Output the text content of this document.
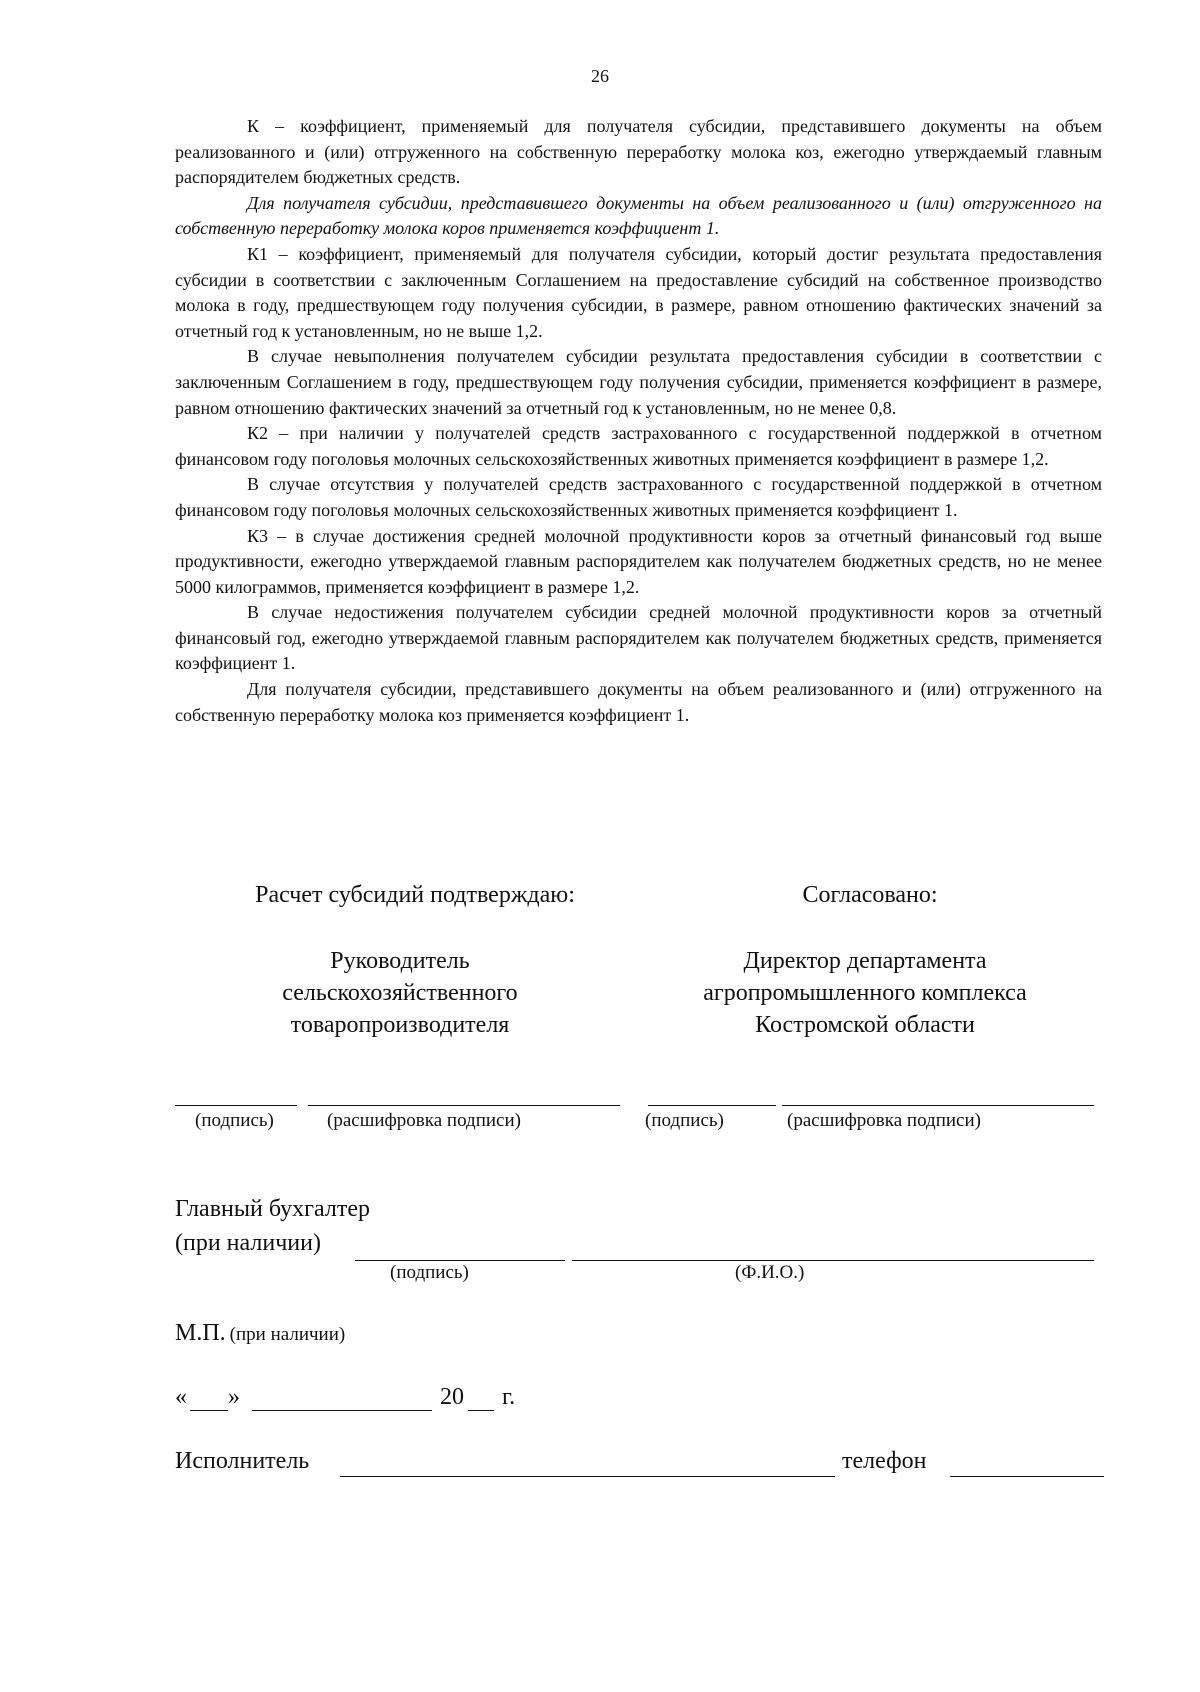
26

К – коэффициент, применяемый для получателя субсидии, представившего документы на объем реализованного и (или) отгруженного на собственную переработку молока коз, ежегодно утверждаемый главным распорядителем бюджетных средств.

Для получателя субсидии, представившего документы на объем реализованного и (или) отгруженного на собственную переработку молока коров применяется коэффициент 1.

К1 – коэффициент, применяемый для получателя субсидии, который достиг результата предоставления субсидии в соответствии с заключенным Соглашением на предоставление субсидий на собственное производство молока в году, предшествующем году получения субсидии, в размере, равном отношению фактических значений за отчетный год к установленным, но не выше 1,2.

В случае невыполнения получателем субсидии результата предоставления субсидии в соответствии с заключенным Соглашением в году, предшествующем году получения субсидии, применяется коэффициент в размере, равном отношению фактических значений за отчетный год к установленным, но не менее 0,8.

К2 – при наличии у получателей средств застрахованного с государственной поддержкой в отчетном финансовом году поголовья молочных сельскохозяйственных животных применяется коэффициент в размере 1,2.

В случае отсутствия у получателей средств застрахованного с государственной поддержкой в отчетном финансовом году поголовья молочных сельскохозяйственных животных применяется коэффициент 1.

К3 – в случае достижения средней молочной продуктивности коров за отчетный финансовый год выше продуктивности, ежегодно утверждаемой главным распорядителем как получателем бюджетных средств, но не менее 5000 килограммов, применяется коэффициент в размере 1,2.

В случае недостижения получателем субсидии средней молочной продуктивности коров за отчетный финансовый год, ежегодно утверждаемой главным распорядителем как получателем бюджетных средств, применяется коэффициент 1.

Для получателя субсидии, представившего документы на объем реализованного и (или) отгруженного на собственную переработку молока коз применяется коэффициент 1.

Расчет субсидий подтверждаю:	Согласовано:
Руководитель
сельскохозяйственного
товаропроизводителя
Директор департамента
агропромышленного комплекса
Костромской области
(подпись)	(расшифровка подписи)	(подпись)	(расшифровка подписи)
Главный бухгалтер
(при наличии)
(подпись)	(Ф.И.О.)
М.П. (при наличии)
« »	20 г.
Исполнитель	телефон
